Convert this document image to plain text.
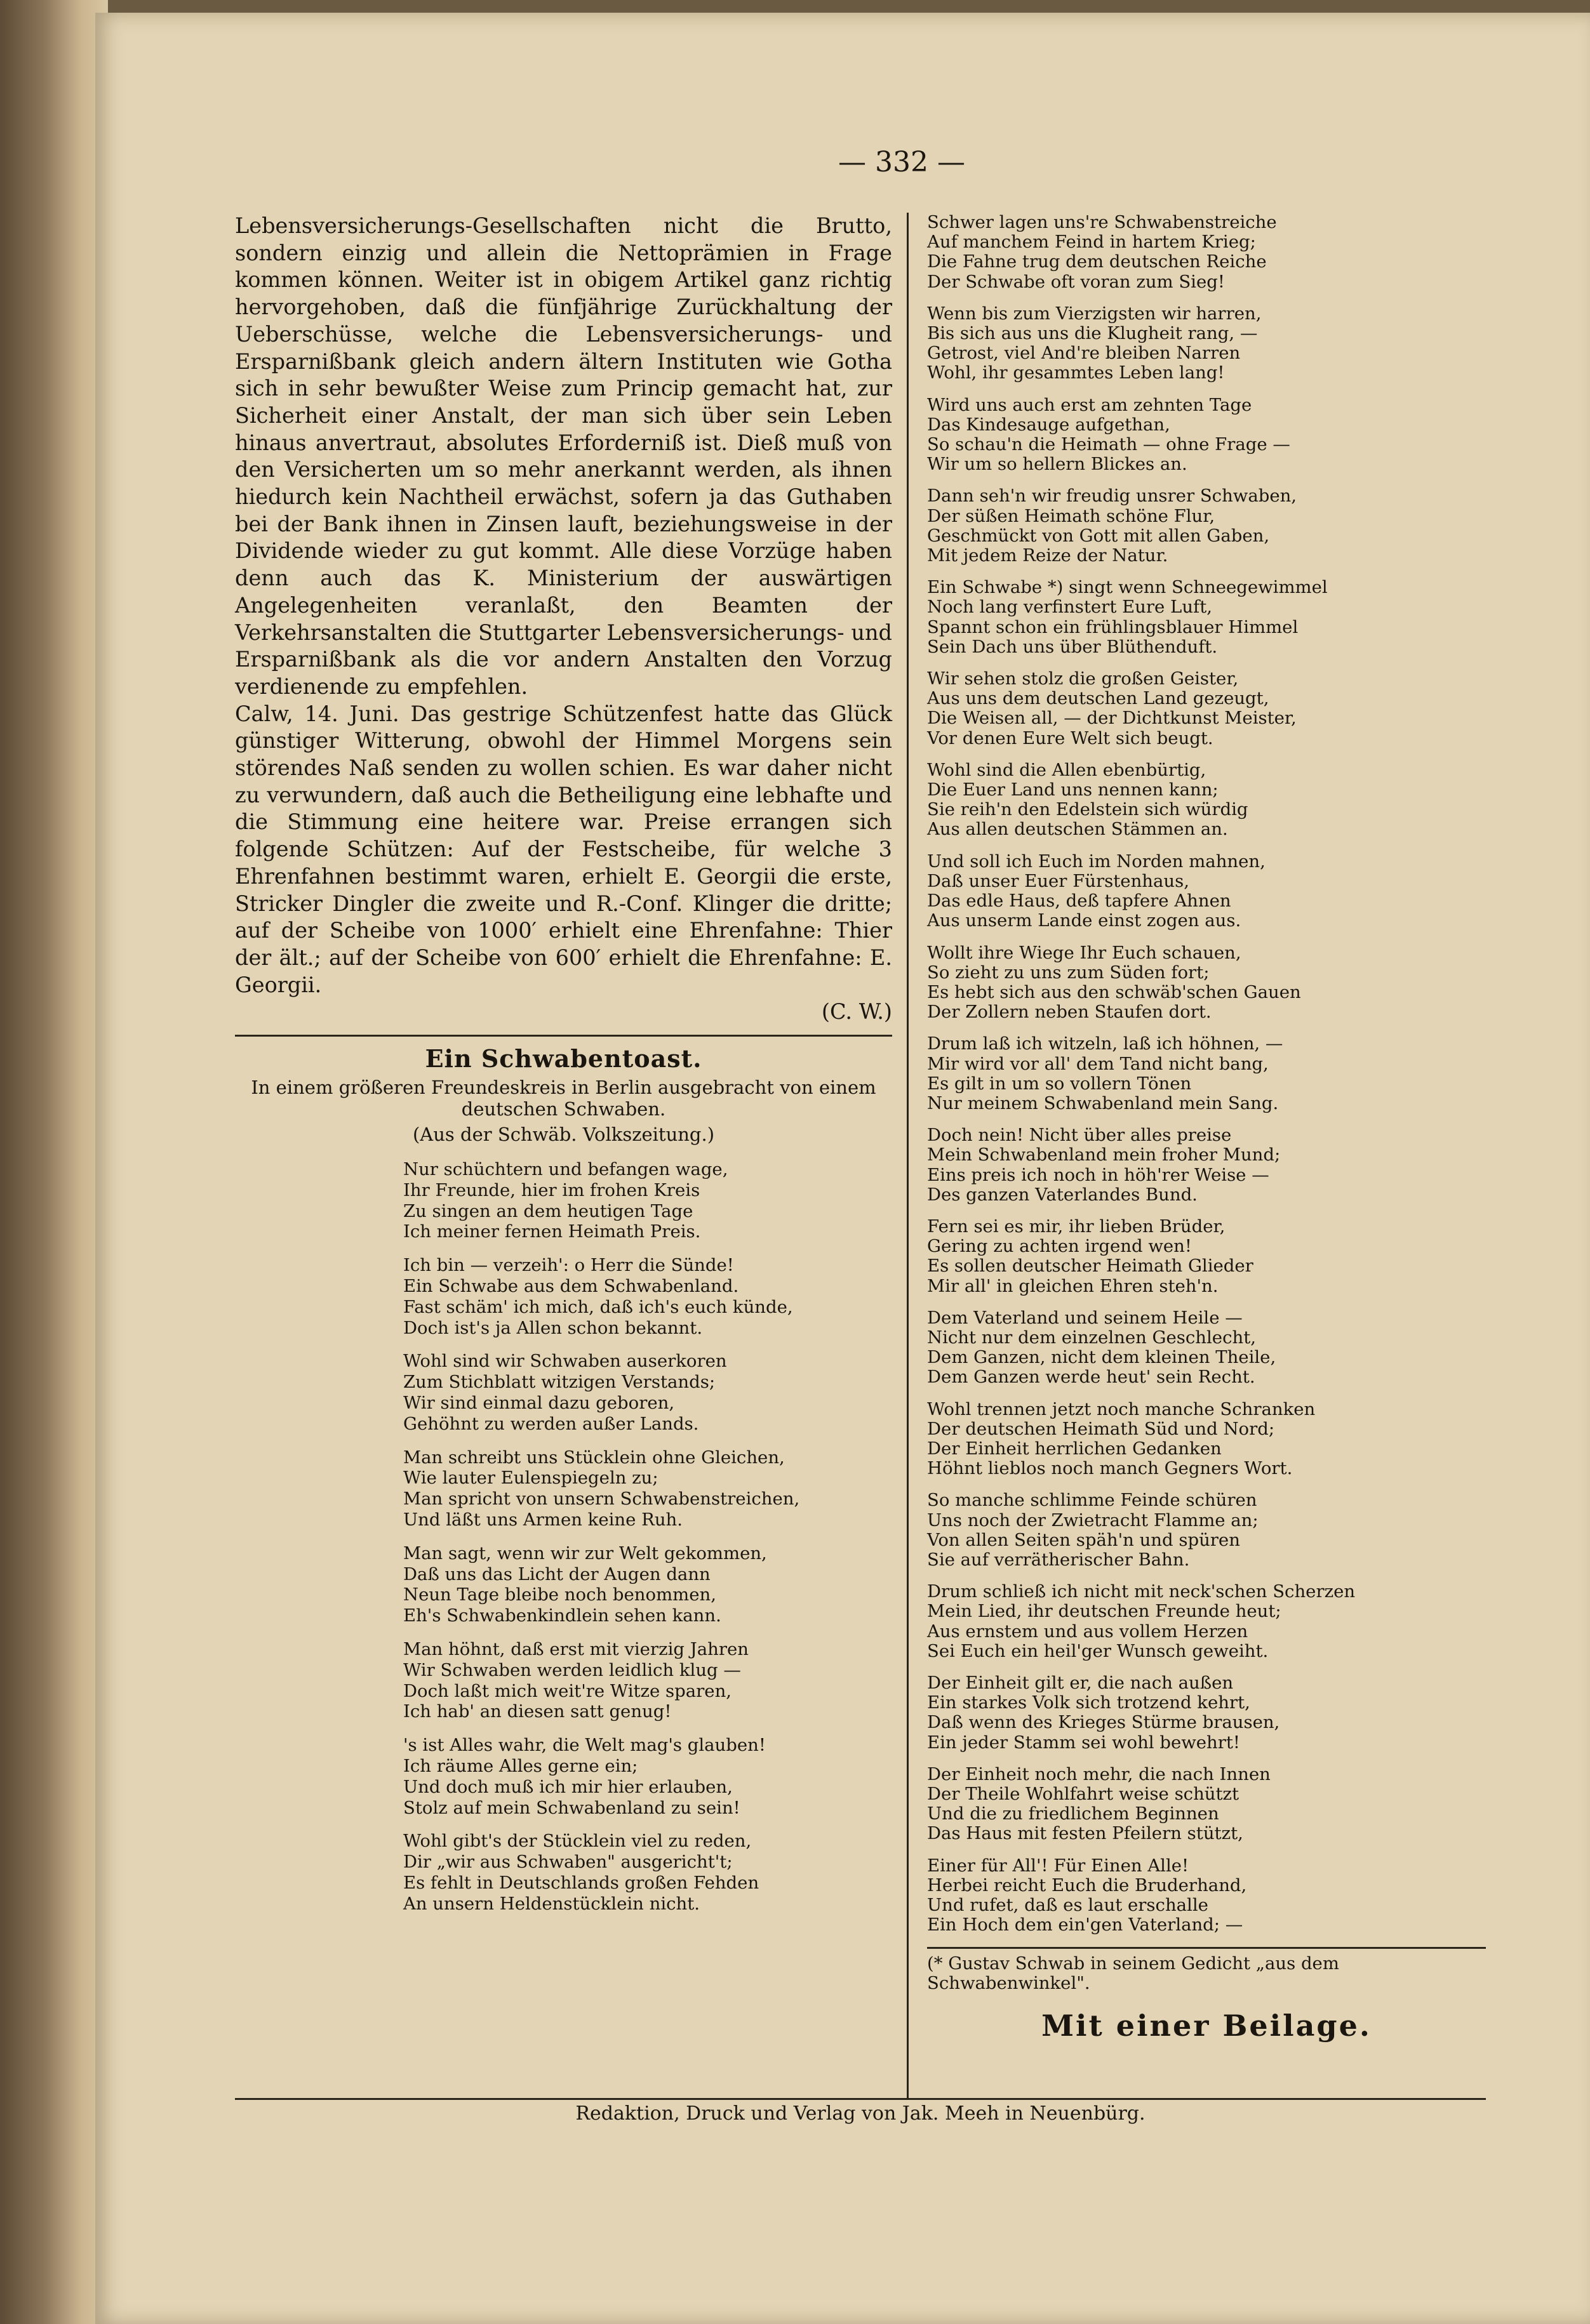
— 332 —

Lebensversicherungs-Gesellschaften nicht die Brutto, sondern einzig und allein die Nettoprämien in Frage kommen können. Weiter ist in obigem Artikel ganz richtig hervorgehoben, daß die fünfjährige Zurückhaltung der Ueberschüsse, welche die Lebensversicherungs- und Ersparnißbank gleich andern ältern Instituten wie Gotha sich in sehr bewußter Weise zum Princip gemacht hat, zur Sicherheit einer Anstalt, der man sich über sein Leben hinaus anvertraut, absolutes Erforderniß ist. Dieß muß von den Versicherten um so mehr anerkannt werden, als ihnen hiedurch kein Nachtheil erwächst, sofern ja das Guthaben bei der Bank ihnen in Zinsen lauft, beziehungsweise in der Dividende wieder zu gut kommt. Alle diese Vorzüge haben denn auch das K. Ministerium der auswärtigen Angelegenheiten veranlaßt, den Beamten der Verkehrsanstalten die Stuttgarter Lebensversicherungs- und Ersparnißbank als die vor andern Anstalten den Vorzug verdienende zu empfehlen.

Calw, 14. Juni. Das gestrige Schützenfest hatte das Glück günstiger Witterung, obwohl der Himmel Morgens sein störendes Naß senden zu wollen schien. Es war daher nicht zu verwundern, daß auch die Betheiligung eine lebhafte und die Stimmung eine heitere war. Preise errangen sich folgende Schützen: Auf der Festscheibe, für welche 3 Ehrenfahnen bestimmt waren, erhielt E. Georgii die erste, Stricker Dingler die zweite und R.-Conf. Klinger die dritte; auf der Scheibe von 1000′ erhielt eine Ehrenfahne: Thier der ält.; auf der Scheibe von 600′ erhielt die Ehrenfahne: E. Georgii.

(C. W.)

Ein Schwabentoast.

In einem größeren Freundeskreis in Berlin ausgebracht von einem deutschen Schwaben.

(Aus der Schwäb. Volkszeitung.)

Nur schüchtern und befangen wage,
Ihr Freunde, hier im frohen Kreis
Zu singen an dem heutigen Tage
Ich meiner fernen Heimath Preis.
Ich bin — verzeih': o Herr die Sünde!
Ein Schwabe aus dem Schwabenland.
Fast schäm' ich mich, daß ich's euch künde,
Doch ist's ja Allen schon bekannt.
Wohl sind wir Schwaben auserkoren
Zum Stichblatt witzigen Verstands;
Wir sind einmal dazu geboren,
Gehöhnt zu werden außer Lands.
Man schreibt uns Stücklein ohne Gleichen,
Wie lauter Eulenspiegeln zu;
Man spricht von unsern Schwabenstreichen,
Und läßt uns Armen keine Ruh.
Man sagt, wenn wir zur Welt gekommen,
Daß uns das Licht der Augen dann
Neun Tage bleibe noch benommen,
Eh's Schwabenkindlein sehen kann.
Man höhnt, daß erst mit vierzig Jahren
Wir Schwaben werden leidlich klug —
Doch laßt mich weit're Witze sparen,
Ich hab' an diesen satt genug!
's ist Alles wahr, die Welt mag's glauben!
Ich räume Alles gerne ein;
Und doch muß ich mir hier erlauben,
Stolz auf mein Schwabenland zu sein!
Wohl gibt's der Stücklein viel zu reden,
Dir „wir aus Schwaben" ausgericht't;
Es fehlt in Deutschlands großen Fehden
An unsern Heldenstücklein nicht.
Schwer lagen uns're Schwabenstreiche
Auf manchem Feind in hartem Krieg;
Die Fahne trug dem deutschen Reiche
Der Schwabe oft voran zum Sieg!
Wenn bis zum Vierzigsten wir harren,
Bis sich aus uns die Klugheit rang, —
Getrost, viel And're bleiben Narren
Wohl, ihr gesammtes Leben lang!
Wird uns auch erst am zehnten Tage
Das Kindesauge aufgethan,
So schau'n die Heimath — ohne Frage —
Wir um so hellern Blickes an.
Dann seh'n wir freudig unsrer Schwaben,
Der süßen Heimath schöne Flur,
Geschmückt von Gott mit allen Gaben,
Mit jedem Reize der Natur.
Ein Schwabe *) singt wenn Schneegewimmel
Noch lang verfinstert Eure Luft,
Spannt schon ein frühlingsblauer Himmel
Sein Dach uns über Blüthenduft.
Wir sehen stolz die großen Geister,
Aus uns dem deutschen Land gezeugt,
Die Weisen all, — der Dichtkunst Meister,
Vor denen Eure Welt sich beugt.
Wohl sind die Allen ebenbürtig,
Die Euer Land uns nennen kann;
Sie reih'n den Edelstein sich würdig
Aus allen deutschen Stämmen an.
Und soll ich Euch im Norden mahnen,
Daß unser Euer Fürstenhaus,
Das edle Haus, deß tapfere Ahnen
Aus unserm Lande einst zogen aus.
Wollt ihre Wiege Ihr Euch schauen,
So zieht zu uns zum Süden fort;
Es hebt sich aus den schwäb'schen Gauen
Der Zollern neben Staufen dort.
Drum laß ich witzeln, laß ich höhnen, —
Mir wird vor all' dem Tand nicht bang,
Es gilt in um so vollern Tönen
Nur meinem Schwabenland mein Sang.
Doch nein! Nicht über alles preise
Mein Schwabenland mein froher Mund;
Eins preis ich noch in höh'rer Weise —
Des ganzen Vaterlandes Bund.
Fern sei es mir, ihr lieben Brüder,
Gering zu achten irgend wen!
Es sollen deutscher Heimath Glieder
Mir all' in gleichen Ehren steh'n.
Dem Vaterland und seinem Heile —
Nicht nur dem einzelnen Geschlecht,
Dem Ganzen, nicht dem kleinen Theile,
Dem Ganzen werde heut' sein Recht.
Wohl trennen jetzt noch manche Schranken
Der deutschen Heimath Süd und Nord;
Der Einheit herrlichen Gedanken
Höhnt lieblos noch manch Gegners Wort.
So manche schlimme Feinde schüren
Uns noch der Zwietracht Flamme an;
Von allen Seiten späh'n und spüren
Sie auf verrätherischer Bahn.
Drum schließ ich nicht mit neck'schen Scherzen
Mein Lied, ihr deutschen Freunde heut;
Aus ernstem und aus vollem Herzen
Sei Euch ein heil'ger Wunsch geweiht.
Der Einheit gilt er, die nach außen
Ein starkes Volk sich trotzend kehrt,
Daß wenn des Krieges Stürme brausen,
Ein jeder Stamm sei wohl bewehrt!
Der Einheit noch mehr, die nach Innen
Der Theile Wohlfahrt weise schützt
Und die zu friedlichem Beginnen
Das Haus mit festen Pfeilern stützt,
Einer für All'! Für Einen Alle!
Herbei reicht Euch die Bruderhand,
Und rufet, daß es laut erschalle
Ein Hoch dem ein'gen Vaterland; —
(* Gustav Schwab in seinem Gedicht „aus dem Schwabenwinkel".
Mit einer Beilage.
Redaktion, Druck und Verlag von Jak. Meeh in Neuenbürg.
